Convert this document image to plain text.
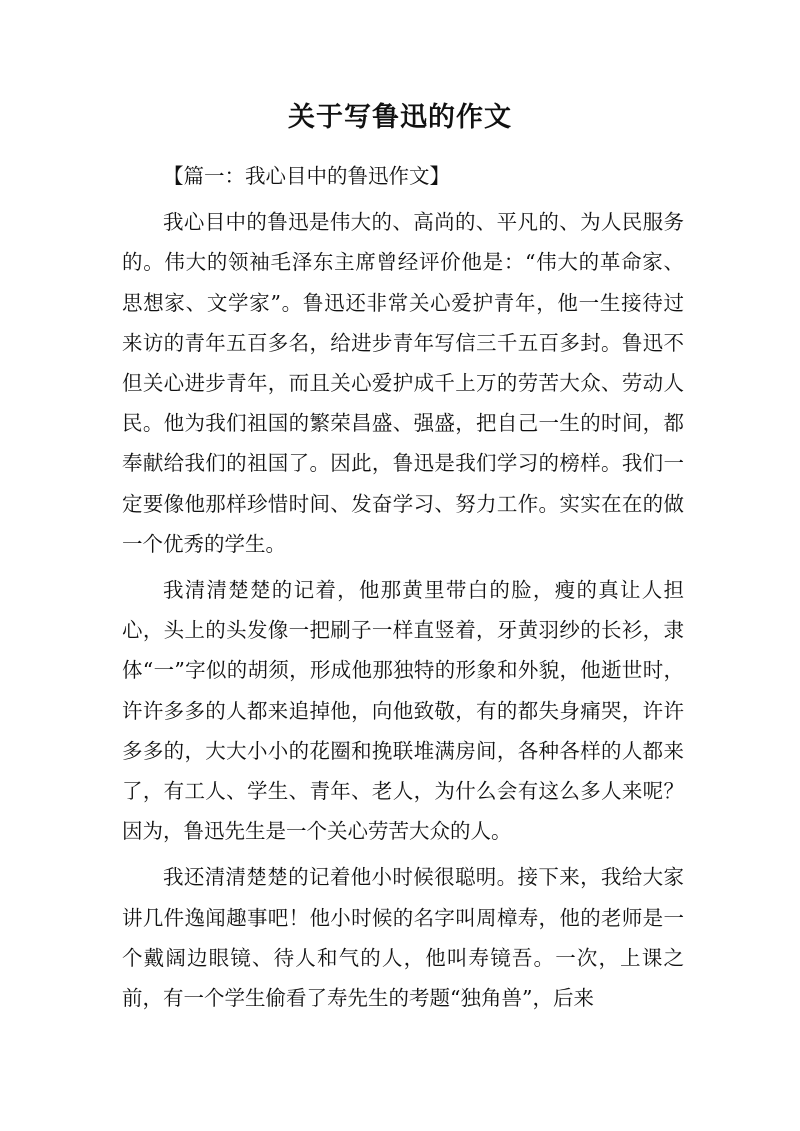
关于写鲁迅的作文

【篇一：我心目中的鲁迅作文】

我心目中的鲁迅是伟大的、高尚的、平凡的、为人民服务的。伟大的领袖毛泽东主席曾经评价他是：“伟大的革命家、思想家、文学家”。鲁迅还非常关心爱护青年，他一生接待过来访的青年五百多名，给进步青年写信三千五百多封。鲁迅不但关心进步青年，而且关心爱护成千上万的劳苦大众、劳动人民。他为我们祖国的繁荣昌盛、强盛，把自己一生的时间，都奉献给我们的祖国了。因此，鲁迅是我们学习的榜样。我们一定要像他那样珍惜时间、发奋学习、努力工作。实实在在的做一个优秀的学生。

我清清楚楚的记着，他那黄里带白的脸，瘦的真让人担心，头上的头发像一把刷子一样直竖着，牙黄羽纱的长衫，隶体“一”字似的胡须，形成他那独特的形象和外貌，他逝世时，许许多多的人都来追掉他，向他致敬，有的都失身痛哭，许许多多的，大大小小的花圈和挽联堆满房间，各种各样的人都来了，有工人、学生、青年、老人，为什么会有这么多人来呢？因为，鲁迅先生是一个关心劳苦大众的人。

我还清清楚楚的记着他小时候很聪明。接下来，我给大家讲几件逸闻趣事吧！他小时候的名字叫周樟寿，他的老师是一个戴阔边眼镜、待人和气的人，他叫寿镜吾。一次，上课之前，有一个学生偷看了寿先生的考题“独角兽”，后来
